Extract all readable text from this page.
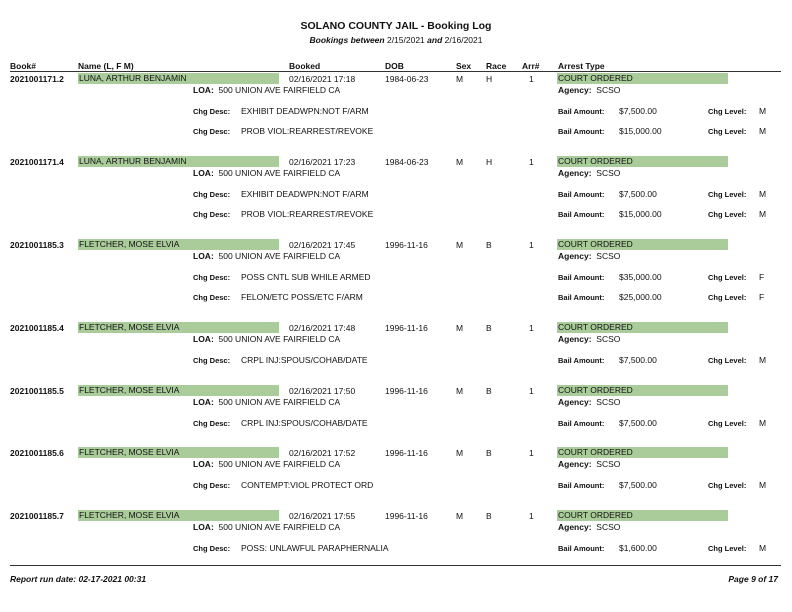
SOLANO COUNTY JAIL - Booking Log
Bookings between 2/15/2021 and 2/16/2021
Book#	Name (L, F M)	Booked	DOB	Sex Race Arr# Arrest Type
2021001171.2 LUNA, ARTHUR BENJAMIN	02/16/2021 17:18	1984-06-23	M	H	1	COURT ORDERED
LOA: 500 UNION AVE FAIRFIELD CA	Agency: SCSO
Chg Desc: EXHIBIT DEADWPN:NOT F/ARM	Bail Amount: $7,500.00	Chg Level: M
Chg Desc: PROB VIOL:REARREST/REVOKE	Bail Amount: $15,000.00	Chg Level: M
2021001171.4 LUNA, ARTHUR BENJAMIN	02/16/2021 17:23	1984-06-23	M	H	1	COURT ORDERED
LOA: 500 UNION AVE FAIRFIELD CA	Agency: SCSO
Chg Desc: EXHIBIT DEADWPN:NOT F/ARM	Bail Amount: $7,500.00	Chg Level: M
Chg Desc: PROB VIOL:REARREST/REVOKE	Bail Amount: $15,000.00	Chg Level: M
2021001185.3 FLETCHER, MOSE ELVIA	02/16/2021 17:45	1996-11-16	M	B	1	COURT ORDERED
LOA: 500 UNION AVE FAIRFIELD CA	Agency: SCSO
Chg Desc: POSS CNTL SUB WHILE ARMED	Bail Amount: $35,000.00	Chg Level: F
Chg Desc: FELON/ETC POSS/ETC F/ARM	Bail Amount: $25,000.00	Chg Level: F
2021001185.4 FLETCHER, MOSE ELVIA	02/16/2021 17:48	1996-11-16	M	B	1	COURT ORDERED
LOA: 500 UNION AVE FAIRFIELD CA	Agency: SCSO
Chg Desc: CRPL INJ:SPOUS/COHAB/DATE	Bail Amount: $7,500.00	Chg Level: M
2021001185.5 FLETCHER, MOSE ELVIA	02/16/2021 17:50	1996-11-16	M	B	1	COURT ORDERED
LOA: 500 UNION AVE FAIRFIELD CA	Agency: SCSO
Chg Desc: CRPL INJ:SPOUS/COHAB/DATE	Bail Amount: $7,500.00	Chg Level: M
2021001185.6 FLETCHER, MOSE ELVIA	02/16/2021 17:52	1996-11-16	M	B	1	COURT ORDERED
LOA: 500 UNION AVE FAIRFIELD CA	Agency: SCSO
Chg Desc: CONTEMPT:VIOL PROTECT ORD	Bail Amount: $7,500.00	Chg Level: M
2021001185.7 FLETCHER, MOSE ELVIA	02/16/2021 17:55	1996-11-16	M	B	1	COURT ORDERED
LOA: 500 UNION AVE FAIRFIELD CA	Agency: SCSO
Chg Desc: POSS: UNLAWFUL PARAPHERNALIA	Bail Amount: $1,600.00	Chg Level: M
Report run date: 02-17-2021 00:31	Page 9 of 17
